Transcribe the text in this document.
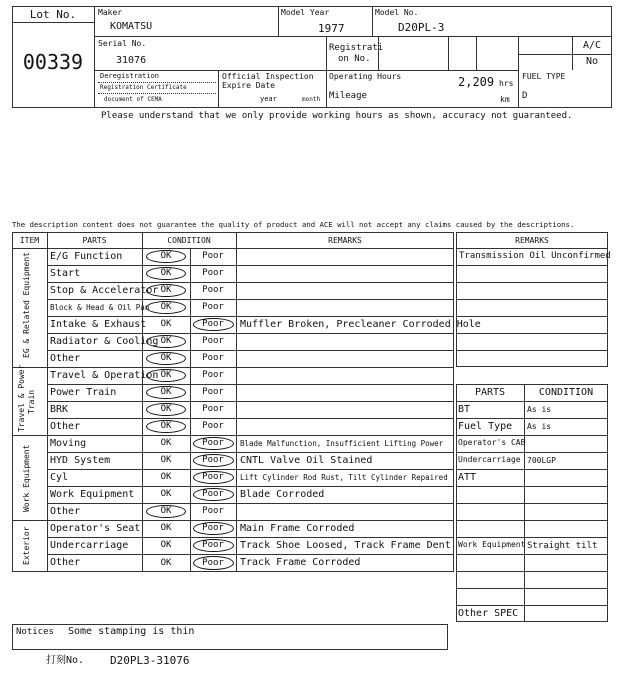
Lot No.
00339
Maker
KOMATSU
Model Year
1977
Model No.
D20PL-3
Serial No.
31076
Registrati
on No.
A/C
No
Deregistration
Registration Certificate
document of CEMA
Official Inspection
Expire Date
year	month
Operating Hours	2,209 hrs
Mileage	km
FUEL TYPE
D
Please understand that we only provide working hours as shown, accuracy not guaranteed.
The description content does not guarantee the quality of product and ACE will not accept any claims caused by the descriptions.
ITEM	PARTS	CONDITION	REMARKS
EG & Related Equipment
Travel & Power Train
Work Equipment
Exterior
E/G Function	OK	Poor
Start	OK	Poor
Stop & Accelerator OK	Poor
Block & Head & Oil Pan	OK	Poor
Intake & Exhaust	OK	Poor	Muffler Broken, Precleaner Corroded Hole
Radiator & Cooling OK	Poor
Other	OK	Poor
Travel & Operation OK	Poor
Power Train	OK	Poor
BRK	OK	Poor
Other	OK	Poor
Moving	OK	Poor	Blade Malfunction, Insufficient Lifting Power
HYD System	OK	Poor	CNTL Valve Oil Stained
Cyl	OK	Poor	Lift Cylinder Rod Rust, Tilt Cylinder Repaired
Work Equipment	OK	Poor	Blade Corroded
Other	OK	Poor
Operator's Seat	OK	Poor	Main Frame Corroded
Undercarriage	OK	Poor	Track Shoe Loosed, Track Frame Dent
Other	OK	Poor	Track Frame Corroded
REMARKS
Transmission Oil Unconfirmed
PARTS	CONDITION
BT	As is
Fuel Type As is
Operator's CAB
Undercarriage 700LGP
ATT
Work Equipment Straight tilt
Other SPEC
Notices Some stamping is thin
打刻No. D20PL3-31076
